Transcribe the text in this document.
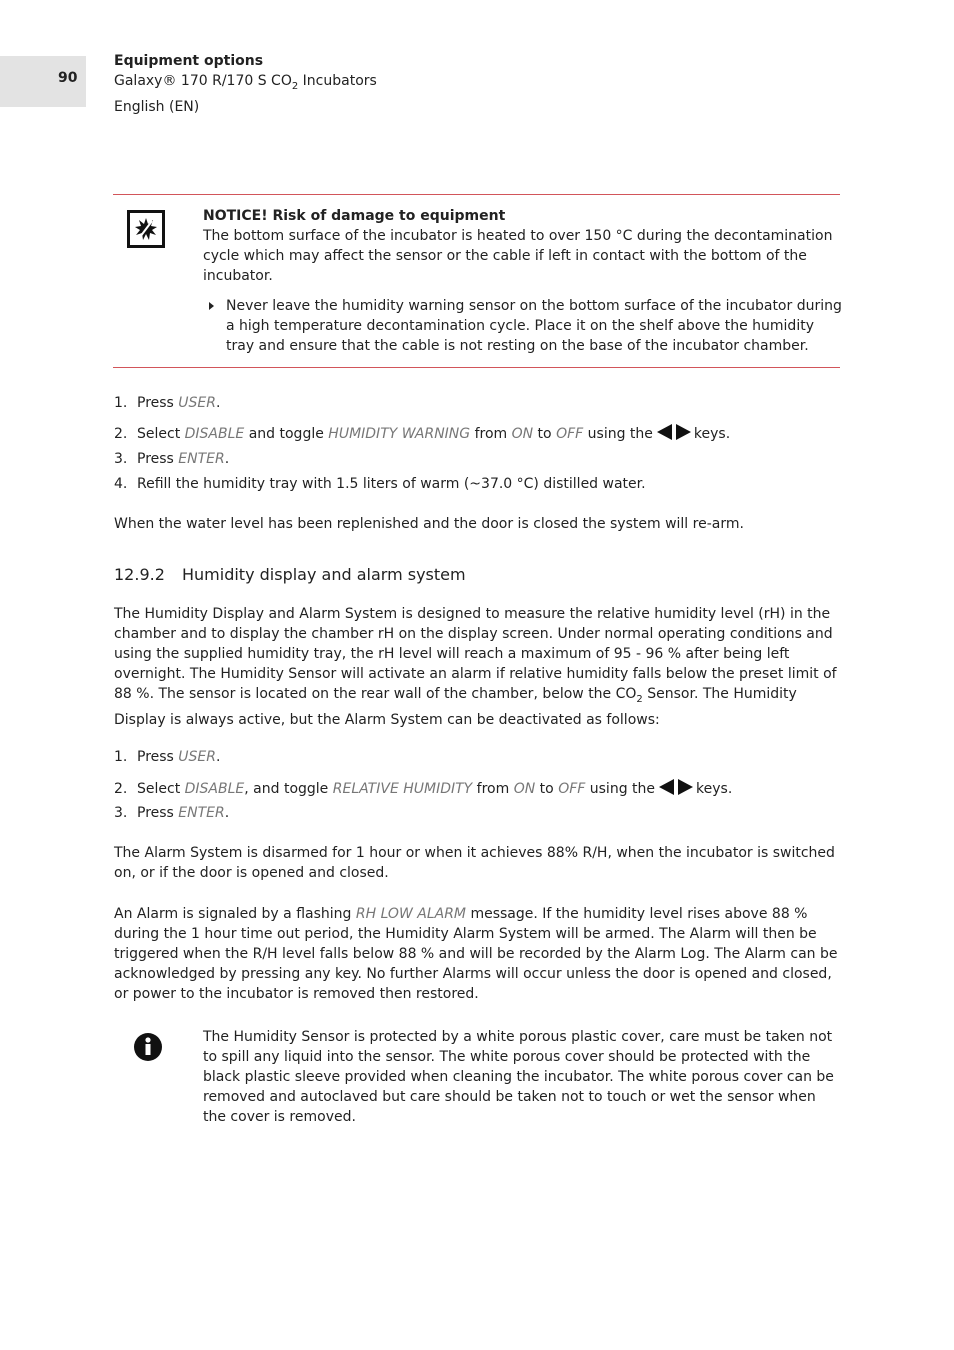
90
Equipment options
Galaxy® 170 R/170 S $CO_2$ Incubators
English (EN)
NOTICE! Risk of damage to equipment
The bottom surface of the incubator is heated to over 150 °C during the decontamination cycle which may affect the sensor or the cable if left in contact with the bottom of the incubator.
Never leave the humidity warning sensor on the bottom surface of the incubator during a high temperature decontamination cycle. Place it on the shelf above the humidity tray and ensure that the cable is not resting on the base of the incubator chamber.
1. Press USER.
2. Select DISABLE and toggle HUMIDITY WARNING from ON to OFF using the	keys.
3. Press ENTER.
4. Refill the humidity tray with 1.5 liters of warm (~37.0 °C) distilled water.
When the water level has been replenished and the door is closed the system will re-arm.
12.9.2 Humidity display and alarm system
The Humidity Display and Alarm System is designed to measure the relative humidity level (rH) in the chamber and to display the chamber rH on the display screen. Under normal operating conditions and using the supplied humidity tray, the rH level will reach a maximum of 95 - 96 % after being left overnight. The Humidity Sensor will activate an alarm if relative humidity falls below the preset limit of 88 %. The sensor is located on the rear wall of the chamber, below the $CO_2$ Sensor. The Humidity Display is always active, but the Alarm System can be deactivated as follows:
1. Press USER.
2. Select DISABLE, and toggle RELATIVE HUMIDITY from ON to OFF using the	keys.
3. Press ENTER.
The Alarm System is disarmed for 1 hour or when it achieves 88% R/H, when the incubator is switched on, or if the door is opened and closed.
An Alarm is signaled by a flashing RH LOW ALARM message. If the humidity level rises above 88 % during the 1 hour time out period, the Humidity Alarm System will be armed. The Alarm will then be triggered when the R/H level falls below 88 % and will be recorded by the Alarm Log. The Alarm can be acknowledged by pressing any key. No further Alarms will occur unless the door is opened and closed, or power to the incubator is removed then restored.
The Humidity Sensor is protected by a white porous plastic cover, care must be taken not to spill any liquid into the sensor. The white porous cover should be protected with the black plastic sleeve provided when cleaning the incubator. The white porous cover can be removed and autoclaved but care should be taken not to touch or wet the sensor when the cover is removed.
